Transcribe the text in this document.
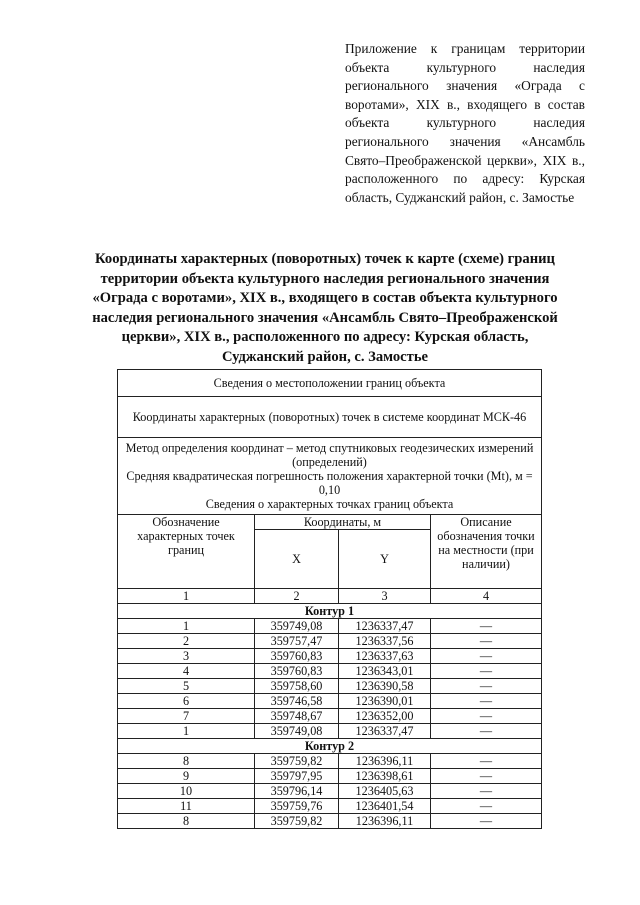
Приложение к границам территории объекта культурного наследия регионального значения «Ограда с воротами», XIX в., входящего в состав объекта культурного наследия регионального значения «Ансамбль Свято–Преображенской церкви», XIX в., расположенного по адресу: Курская область, Суджанский район, с. Замостье
Координаты характерных (поворотных) точек к карте (схеме) границ территории объекта культурного наследия регионального значения «Ограда с воротами», XIX в., входящего в состав объекта культурного наследия регионального значения «Ансамбль Свято–Преображенской церкви», XIX в., расположенного по адресу: Курская область, Суджанский район, с. Замостье
Сведения о местоположении границ объекта			
Координаты характерных (поворотных) точек в системе координат МСК-46			

Метод определения координат – метод спутниковых геодезических измерений (определений)
Средняя квадратическая погрешность положения характерной точки (Mt), м = 0,10
Сведения о характерных точках границ объекта			

Обозначение характерных точек границ	Координаты, м		Описание обозначения точки на местности (при наличии)
	X	Y	
1	2	3	4
Контур 1			
1	359749,08	1236337,47	—
2	359757,47	1236337,56	—
3	359760,83	1236337,63	—
4	359760,83	1236343,01	—
5	359758,60	1236390,58	—
6	359746,58	1236390,01	—
7	359748,67	1236352,00	—
1	359749,08	1236337,47	—
Контур 2			
8	359759,82	1236396,11	—
9	359797,95	1236398,61	—
10	359796,14	1236405,63	—
11	359759,76	1236401,54	—
8	359759,82	1236396,11	—
